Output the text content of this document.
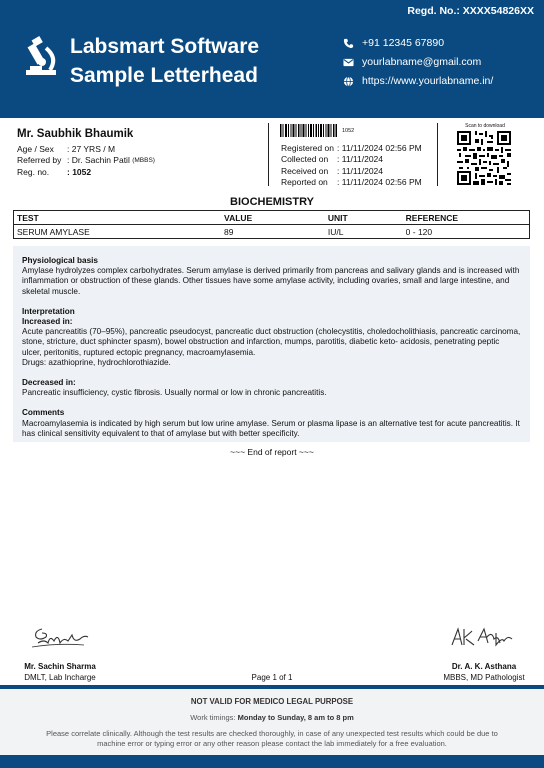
Regd. No.: XXXX54826XX
Labsmart Software
Sample Letterhead
+91 12345 67890
yourlabname@gmail.com
https://www.yourlabname.in/
Mr. Saubhik Bhaumik
Age / Sex	: 27 YRS / M
Referred by : Dr. Sachin Patil
(MBBS)
Reg. no.	: 1052
1052
Registered on : 11/11/2024 02:56 PM
Collected on	: 11/11/2024
Received on	: 11/11/2024
Reported on	: 11/11/2024 02:56 PM
Scan to download
BIOCHEMISTRY
TEST	VALUE	UNIT	REFERENCE
SERUM AMYLASE	89	IU/L	0 - 120
Physiological basis
Amylase hydrolyzes complex carbohydrates. Serum amylase is derived primarily from pancreas and salivary glands and is increased with inflammation or obstruction of these glands. Other tissues have some amylase activity, including ovaries, small and large intestine, and skeletal muscle.
Interpretation
Increased in:
Acute pancreatitis (70–95%), pancreatic pseudocyst, pancreatic duct obstruction (cholecystitis, choledocholithiasis, pancreatic carcinoma, stone, stricture, duct sphincter spasm), bowel obstruction and infarction, mumps, parotitis, diabetic keto- acidosis, penetrating peptic ulcer, peritonitis, ruptured ectopic pregnancy, macroamylasemia.
Drugs: azathioprine, hydrochlorothiazide.
Decreased in:
Pancreatic insufficiency, cystic fibrosis. Usually normal or low in chronic pancreatitis.
Comments
Macroamylasemia is indicated by high serum but low urine amylase. Serum or plasma lipase is an alternative test for acute pancreatitis. It has clinical sensitivity equivalent to that of amylase but with better specificity.
~~~ End of report ~~~
Mr. Sachin Sharma
DMLT, Lab Incharge	Page 1 of 1
Dr. A. K. Asthana
MBBS, MD Pathologist
NOT VALID FOR MEDICO LEGAL PURPOSE
Work timings: Monday to Sunday, 8 am to 8 pm
Please correlate clinically. Although the test results are checked thoroughly, in case of any unexpected test results which could be due to machine error or typing error or any other reason please contact the lab immediately for a free evaluation.
